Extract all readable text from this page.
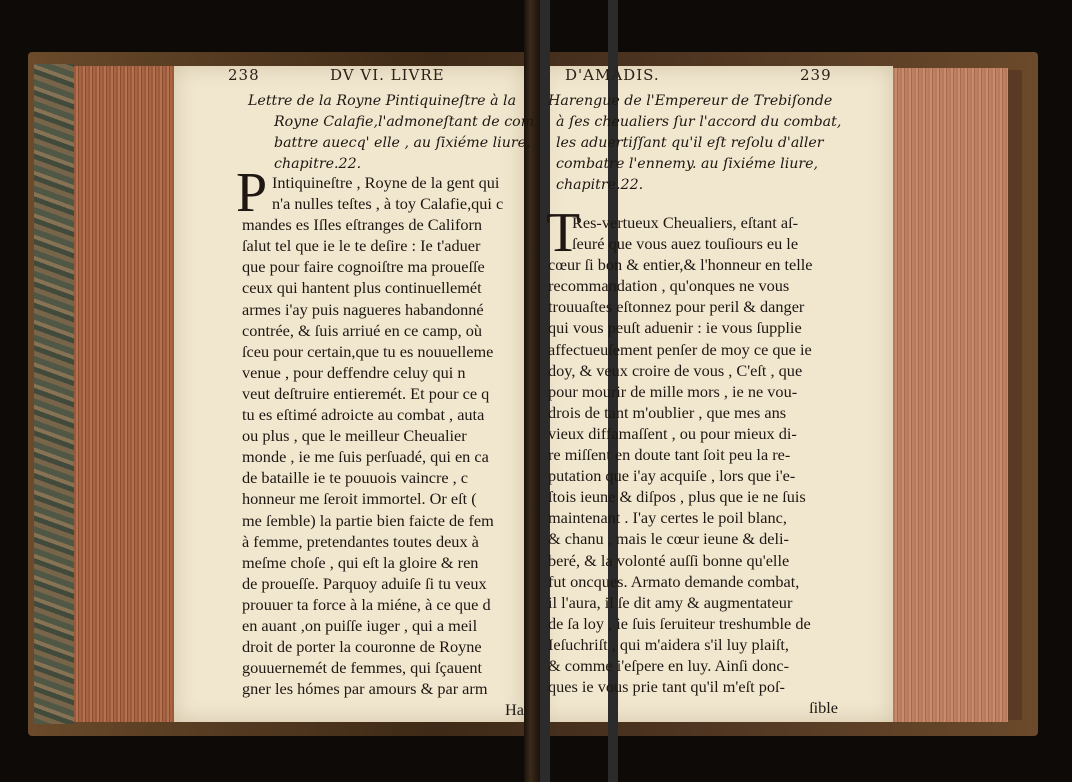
238	DV VI. LIVRE
Lettre de la Royne Pintiquineſtre à la
Royne Calafie,l'admoneſtant de com
battre auecq' elle , au ſixiéme liure,
chapitre.22.
P Intiquineſtre , Royne de la gent qui
n'a nulles teſtes , à toy Calafie,qui c
mandes es Iſles eſtranges de Californ
ſalut tel que ie le te deſire : Ie t'aduer
que pour faire cognoiſtre ma proueſſe
ceux qui hantent plus continuellemét
armes i'ay puis nagueres habandonné
contrée, & ſuis arriué en ce camp, où
ſceu pour certain,que tu es nouuelleme
venue , pour deffendre celuy qui n
veut deſtruire entieremét. Et pour ce q
tu es eſtimé adroicte au combat , auta
ou plus , que le meilleur Cheualier
monde , ie me ſuis perſuadé, qui en ca
de bataille ie te pouuois vaincre , c
honneur me ſeroit immortel. Or eſt (
me ſemble) la partie bien faicte de fem
à femme, pretendantes toutes deux à
meſme choſe , qui eſt la gloire & ren
de proueſſe. Parquoy aduiſe ſi tu veux
prouuer ta force à la miéne, à ce que d
en auant ,on puiſſe iuger , qui a meil
droit de porter la couronne de Royne
gouuernemét de femmes, qui ſçauent
gner les hómes par amours & par arm
Ha
D'AMADIS.	239
Harengue de l'Empereur de Trebiſonde
à ſes cheualiers ſur l'accord du combat,
les aduertiſſant qu'il eſt reſolu d'aller
combatre l'ennemy. au ſixiéme liure,
chapitre.22.
T
Res-vertueux Cheualiers, eſtant aſ-
ſeuré que vous auez touſiours eu le
cœur ſi bon & entier,& l'honneur en telle
recommandation , qu'onques ne vous
trouuaſtes eſtonnez pour peril & danger
qui vous peuſt aduenir : ie vous ſupplie
affectueuſement penſer de moy ce que ie
doy, & veux croire de vous , C'eſt , que
pour mourir de mille mors , ie ne vou-
drois de tant m'oublier , que mes ans
vieux diffamaſſent , ou pour mieux di-
re miſſent en doute tant ſoit peu la re-
putation que i'ay acquiſe , lors que i'e-
ſtois ieune & diſpos , plus que ie ne ſuis
maintenant . I'ay certes le poil blanc,
& chanu , mais le cœur ieune & deli-
beré, & la volonté auſſi bonne qu'elle
fut oncques. Armato demande combat,
il l'aura, il ſe dit amy & augmentateur
de ſa loy , ie ſuis ſeruiteur treshumble de
Ieſuchriſt , qui m'aidera s'il luy plaiſt,
& comme i'eſpere en luy. Ainſi donc-
ques ie vous prie tant qu'il m'eſt poſ-
ſible
